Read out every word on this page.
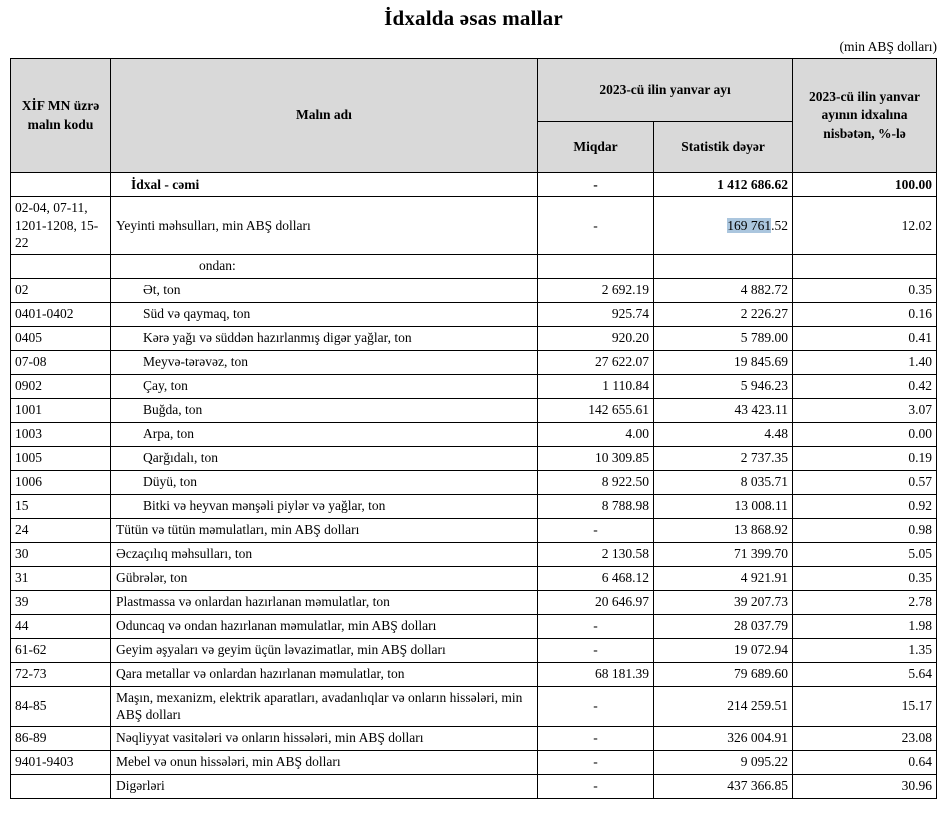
İdxalda əsas mallar
(min ABŞ dolları)
XİF MN üzrə malın kodu	Malın adı	2023-cü ilin yanvar ayı		2023-cü ilin yanvar ayının idxalına nisbətən, %-lə
		Miqdar	Statistik dəyər	
	İdxal - cəmi	-	1 412 686.62	100.00
02-04, 07-11, 1201-1208, 15-22	Yeyinti məhsulları, min ABŞ dolları	-	169 761.52	12.02
	ondan:			
02	Ət, ton	2 692.19	4 882.72	0.35
0401-0402	Süd və qaymaq, ton	925.74	2 226.27	0.16
0405	Kərə yağı və süddən hazırlanmış digər yağlar, ton	920.20	5 789.00	0.41
07-08	Meyvə-tərəvəz, ton	27 622.07	19 845.69	1.40
0902	Çay, ton	1 110.84	5 946.23	0.42
1001	Buğda, ton	142 655.61	43 423.11	3.07
1003	Arpa, ton	4.00	4.48	0.00
1005	Qarğıdalı, ton	10 309.85	2 737.35	0.19
1006	Düyü, ton	8 922.50	8 035.71	0.57
15	Bitki və heyvan mənşəli piylər və yağlar, ton	8 788.98	13 008.11	0.92
24	Tütün və tütün məmulatları, min ABŞ dolları	-	13 868.92	0.98
30	Əczaçılıq məhsulları, ton	2 130.58	71 399.70	5.05
31	Gübrələr, ton	6 468.12	4 921.91	0.35
39	Plastmassa və onlardan hazırlanan məmulatlar, ton	20 646.97	39 207.73	2.78
44	Oduncaq və ondan hazırlanan məmulatlar, min ABŞ dolları	-	28 037.79	1.98
61-62	Geyim əşyaları və geyim üçün ləvazimatlar, min ABŞ dolları	-	19 072.94	1.35
72-73	Qara metallar və onlardan hazırlanan məmulatlar, ton	68 181.39	79 689.60	5.64
84-85	Maşın, mexanizm, elektrik aparatları, avadanlıqlar və onların hissələri, min ABŞ dolları	-	214 259.51	15.17
86-89	Nəqliyyat vasitələri və onların hissələri, min ABŞ dolları	-	326 004.91	23.08
9401-9403	Mebel və onun hissələri, min ABŞ dolları	-	9 095.22	0.64
	Digərləri	-	437 366.85	30.96
